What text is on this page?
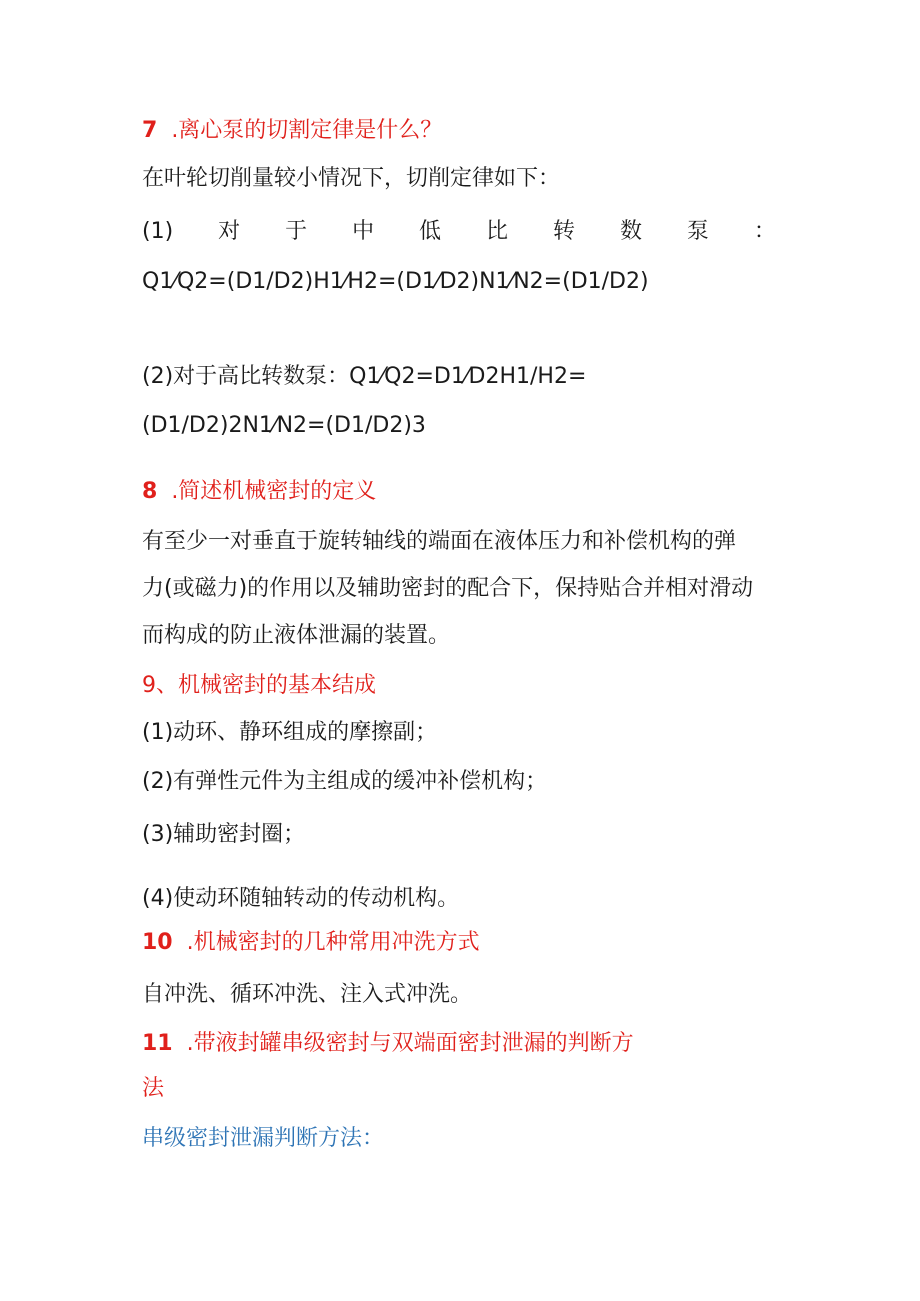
7 .离心泵的切割定律是什么？
在叶轮切削量较小情况下，切削定律如下：
(1) 对 于 中 低 比 转 数 泵 ：
Q1⁄Q2=(D1/D2)H1⁄H2=(D1⁄D2)N1⁄N2=(D1/D2)
(2)对于高比转数泵：Q1⁄Q2=D1⁄D2H1/H2=
(D1/D2)2N1⁄N2=(D1/D2)3
8 .简述机械密封的定义
有至少一对垂直于旋转轴线的端面在液体压力和补偿机构的弹
力(或磁力)的作用以及辅助密封的配合下，保持贴合并相对滑动
而构成的防止液体泄漏的装置。
9、机械密封的基本结成
(1)动环、静环组成的摩擦副；
(2)有弹性元件为主组成的缓冲补偿机构；
(3)辅助密封圈；
(4)使动环随轴转动的传动机构。
10 .机械密封的几种常用冲洗方式
自冲洗、循环冲洗、注入式冲洗。
11 .带液封罐串级密封与双端面密封泄漏的判断方
法
串级密封泄漏判断方法：
